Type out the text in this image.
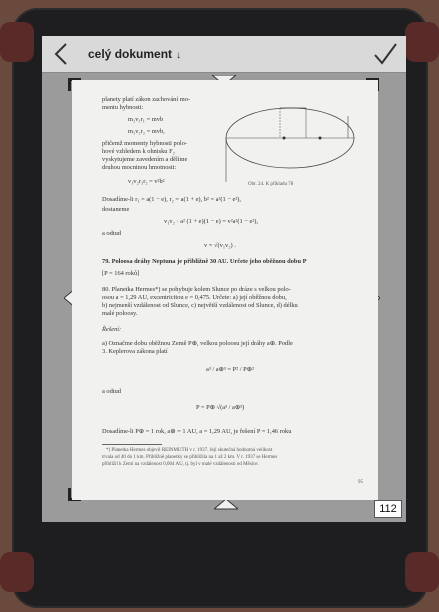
celý dokument ↓
planety platí zákon zachování mo-
mentu hybnosti:
m₁v₁r₁ = mvb
m₁v₂r₂ = mvb,
přičemž momenty hybnosti polo-
hové vzhledem k ohnisku F₂
vyskytujeme zavedením a dělíme
druhou mocninou hmotnosti:
v₁v₂r₁r₂ = v²b²	Obr. 24. K příkladu 78
Dosadíme-li r₁ = a(1 − e), r₂ = a(1 + e), b² = a²(1 − e²),
dostaneme
v₁v₂ · a² (1 + e)(1 − e) = v²a²(1 − e²),
a odtud
v = √(v₁v₂) .
79. Poloosa dráhy Neptuna je přibližně 30 AU. Určete jeho oběžnou dobu P
[P = 164 roků]
80. Planetka Hermes*) se pohybuje kolem Slunce po dráze s velkou polo-
osou a = 1,29 AU, excentricitou e = 0,475. Určete: a) její oběžnou dobu,
b) nejmenší vzdálenost od Slunce, c) největší vzdálenost od Slunce, d) délku
malé poloosy.
Řešení:
a) Označme dobu oběžnou Země P⊕, velkou poloosu její dráhy a⊕. Podle
3. Keplerova zákona platí
a³ / a⊕³ = P² / P⊕²
a odtud
P = P⊕ √(a³ / a⊕³)
Dosadíme-li P⊕ = 1 rok, a⊕ = 1 AU, a = 1,29 AU, je řešení P = 1,46 roku
*) Planetka Hermes objevil REINMUTH v r. 1937. Její skutečná hodnotná velikost
trvala od 40 do 1 km. Přibližně planetky se přiblížila na 1 až 2 km. V r. 1937 se Hermes
přiblížil k Zemi na vzdálenost 0,004 AU, tj. byl v malé vzdálenosti od Měsíce.
95
112
